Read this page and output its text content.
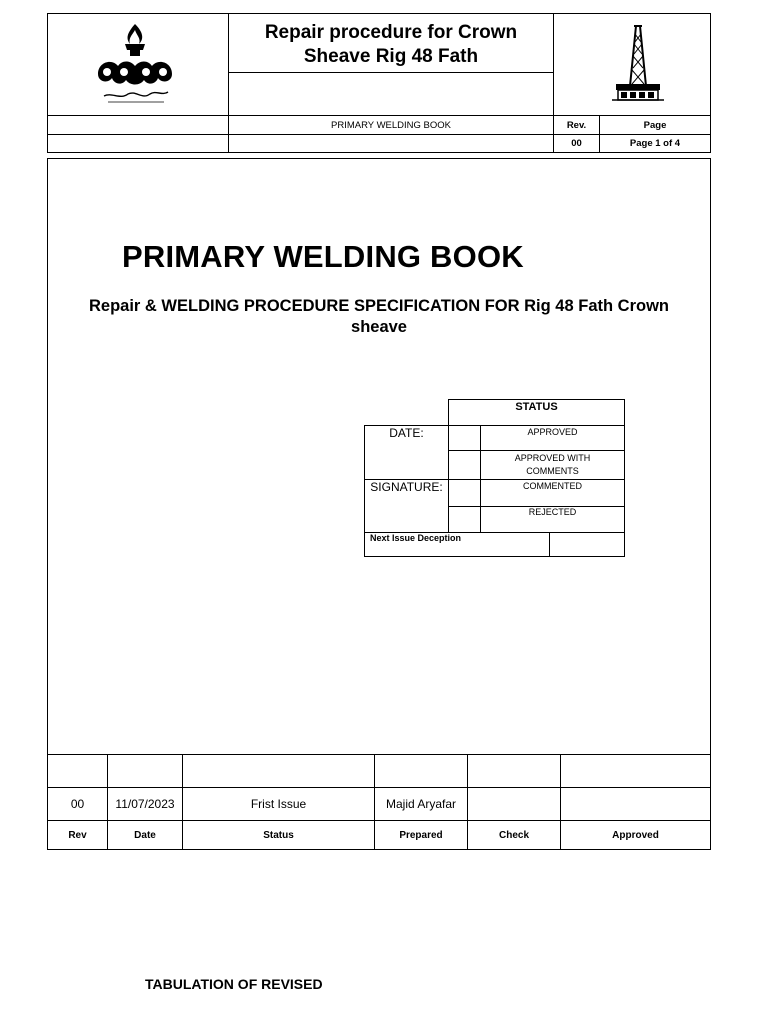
Repair procedure for Crown Sheave Rig 48 Fath
PRIMARY WELDING BOOK	Rev.	Page
00	Page 1 of 4
PRIMARY WELDING BOOK
Repair & WELDING PROCEDURE SPECIFICATION FOR Rig 48 Fath Crown
sheave
STATUS
DATE:
SIGNATURE:
APPROVED
APPROVED WITH COMMENTS
COMMENTED
REJECTED
Next Issue Deception
00	11/07/2023	Frist Issue	Majid Aryafar
Rev	Date	Status	Prepared	Check	Approved
TABULATION OF REVISED
